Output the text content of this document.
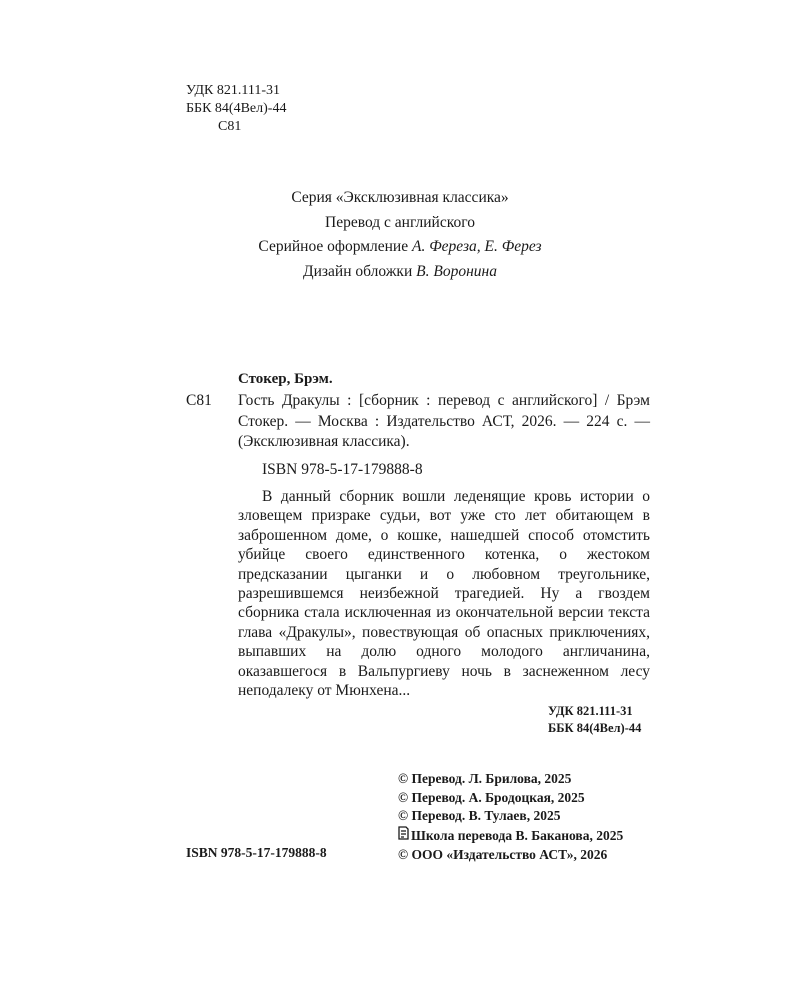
УДК 821.111-31
ББК 84(4Вел)-44
С81
Серия «Эксклюзивная классика»
Перевод с английского
Серийное оформление А. Фереза, Е. Ферез
Дизайн обложки В. Воронина
Стокер, Брэм.
С81 Гость Дракулы : [сборник : перевод с английского] / Брэм Стокер. — Москва : Издательство АСТ, 2026. — 224 с. — (Эксклюзивная классика).
ISBN 978-5-17-179888-8
В данный сборник вошли леденящие кровь истории о зловещем призраке судьи, вот уже сто лет обитающем в заброшенном доме, о кошке, нашедшей способ отомстить убийце своего единственного котенка, о жестоком предсказании цыганки и о любовном треугольнике, разрешившемся неизбежной трагедией. Ну а гвоздем сборника стала исключенная из окончательной версии текста глава «Дракулы», повествующая об опасных приключениях, выпавших на долю одного молодого англичанина, оказавшегося в Вальпургиеву ночь в заснеженном лесу неподалеку от Мюнхена...
УДК 821.111-31
ББК 84(4Вел)-44
© Перевод. Л. Брилова, 2025
© Перевод. А. Бродоцкая, 2025
© Перевод. В. Тулаев, 2025
Школа перевода В. Баканова, 2025
© ООО «Издательство АСТ», 2026
ISBN 978-5-17-179888-8
